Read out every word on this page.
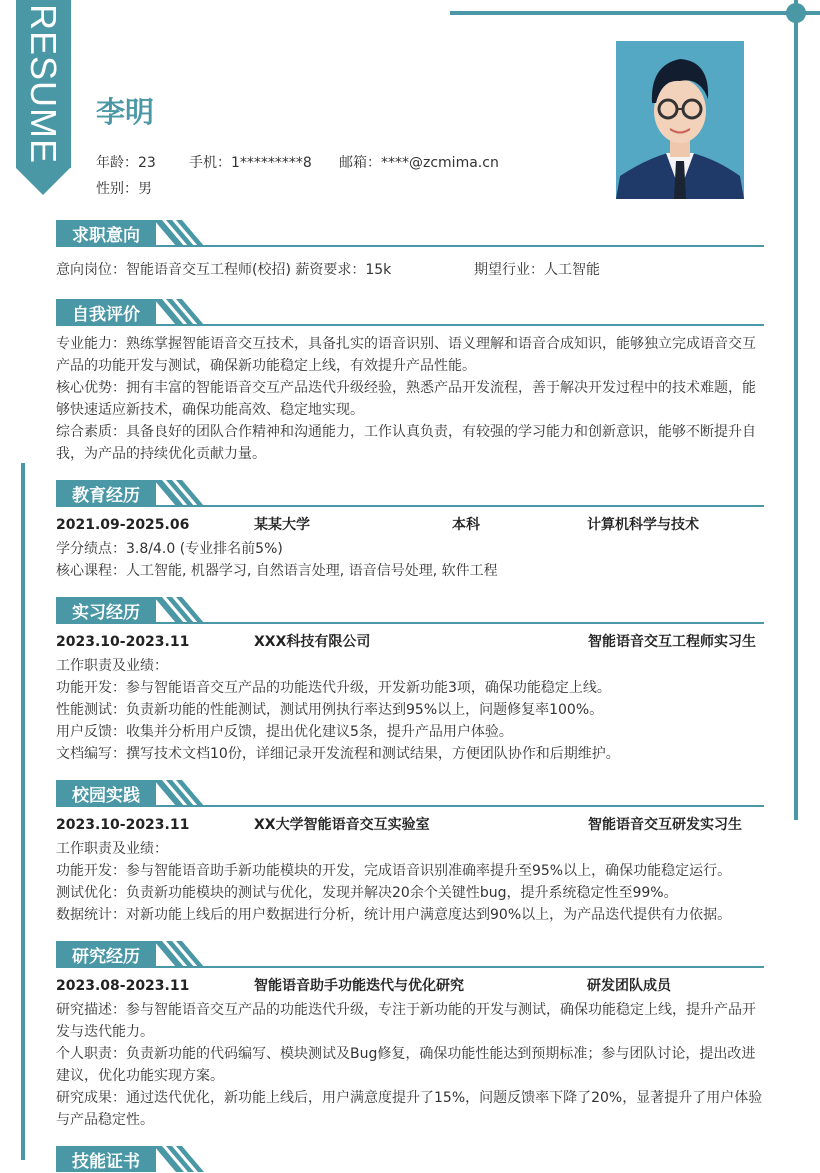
RESUME 李明
年龄：23	手机：1*********8	邮箱：****@zcmima.cn
性别： 男
求职意向
意向岗位：智能语音交互工程师(校招) 薪资要求：15k	期望行业：人工智能
自我评价
专业能力：熟练掌握智能语音交互技术，具备扎实的语音识别、语义理解和语音合成知识，能够独立完成语音交互
产品的功能开发与测试，确保新功能稳定上线，有效提升产品性能。
核心优势：拥有丰富的智能语音交互产品迭代升级经验，熟悉产品开发流程，善于解决开发过程中的技术难题，能
够快速适应新技术，确保功能高效、稳定地实现。
综合素质：具备良好的团队合作精神和沟通能力，工作认真负责，有较强的学习能力和创新意识，能够不断提升自
我，为产品的持续优化贡献力量。
教育经历
2021.09-2025.06	某某大学	本科	计算机科学与技术
学分绩点：3.8/4.0 (专业排名前5%)
核心课程：人工智能, 机器学习, 自然语言处理, 语音信号处理, 软件工程
实习经历
2023.10-2023.11	XXX科技有限公司	智能语音交互工程师实习生
工作职责及业绩：
功能开发：参与智能语音交互产品的功能迭代升级，开发新功能3项，确保功能稳定上线。
性能测试：负责新功能的性能测试，测试用例执行率达到95%以上，问题修复率100%。
用户反馈：收集并分析用户反馈，提出优化建议5条，提升产品用户体验。
文档编写：撰写技术文档10份，详细记录开发流程和测试结果，方便团队协作和后期维护。
校园实践
2023.10-2023.11	XX大学智能语音交互实验室	智能语音交互研发实习生
工作职责及业绩：
功能开发：参与智能语音助手新功能模块的开发，完成语音识别准确率提升至95%以上，确保功能稳定运行。
测试优化：负责新功能模块的测试与优化，发现并解决20余个关键性bug，提升系统稳定性至99%。
数据统计：对新功能上线后的用户数据进行分析，统计用户满意度达到90%以上，为产品迭代提供有力依据。
研究经历
2023.08-2023.11	智能语音助手功能迭代与优化研究	研发团队成员
研究描述：参与智能语音交互产品的功能迭代升级，专注于新功能的开发与测试，确保功能稳定上线，提升产品开
发与迭代能力。
个人职责：负责新功能的代码编写、模块测试及Bug修复，确保功能性能达到预期标准；参与团队讨论，提出改进
建议，优化功能实现方案。
研究成果：通过迭代优化，新功能上线后，用户满意度提升了15%，问题反馈率下降了20%，显著提升了用户体验
与产品稳定性。
技能证书
